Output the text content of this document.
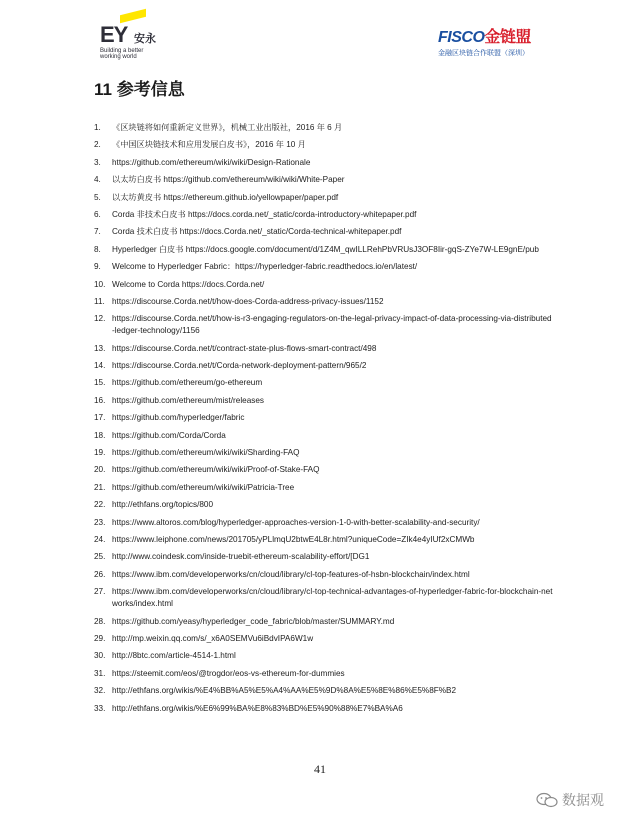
EY 安永
Building a better working world
FISCO金链盟
金融区块链合作联盟（深圳）
11 参考信息
1.	《区块链将如何重新定义世界》，机械工业出版社，2016 年 6 月
2.	《中国区块链技术和应用发展白皮书》，2016 年 10 月
3.	https://github.com/ethereum/wiki/wiki/Design-Rationale
4.	以太坊白皮书 https://github.com/ethereum/wiki/wiki/White-Paper
5.	以太坊黄皮书 https://ethereum.github.io/yellowpaper/paper.pdf
6.	Corda 非技术白皮书 https://docs.corda.net/_static/corda-introductory-whitepaper.pdf
7.	Corda 技术白皮书 https://docs.Corda.net/_static/Corda-technical-whitepaper.pdf
8.	Hyperledger 白皮书 https://docs.google.com/document/d/1Z4M_qwILLRehPbVRUsJ3OF8Iir-gqS-ZYe7W-LE9gnE/pub
9.	Welcome to Hyperledger Fabric：https://hyperledger-fabric.readthedocs.io/en/latest/
10. Welcome to Corda https://docs.Corda.net/
11. https://discourse.Corda.net/t/how-does-Corda-address-privacy-issues/1152
12. https://discourse.Corda.net/t/how-is-r3-engaging-regulators-on-the-legal-privacy-impact-of-data-processing-via-distributed-ledger-technology/1156
13. https://discourse.Corda.net/t/contract-state-plus-flows-smart-contract/498
14. https://discourse.Corda.net/t/Corda-network-deployment-pattern/965/2
15. https://github.com/ethereum/go-ethereum
16. https://github.com/ethereum/mist/releases
17. https://github.com/hyperledger/fabric
18. https://github.com/Corda/Corda
19. https://github.com/ethereum/wiki/wiki/Sharding-FAQ
20. https://github.com/ethereum/wiki/wiki/Proof-of-Stake-FAQ
21. https://github.com/ethereum/wiki/wiki/Patricia-Tree
22. http://ethfans.org/topics/800
23. https://www.altoros.com/blog/hyperledger-approaches-version-1-0-with-better-scalability-and-security/
24. https://www.leiphone.com/news/201705/yPLlmqU2btwE4L8r.html?uniqueCode=ZIk4e4yIUf2xCMWb
25. http://www.coindesk.com/inside-truebit-ethereum-scalability-effort/[DG1
26. https://www.ibm.com/developerworks/cn/cloud/library/cl-top-features-of-hsbn-blockchain/index.html
27. https://www.ibm.com/developerworks/cn/cloud/library/cl-top-technical-advantages-of-hyperledger-fabric-for-blockchain-networks/index.html
28. https://github.com/yeasy/hyperledger_code_fabric/blob/master/SUMMARY.md
29. http://mp.weixin.qq.com/s/_x6A0SEMVu6iBdvIPA6W1w
30. http://8btc.com/article-4514-1.html
31. https://steemit.com/eos/@trogdor/eos-vs-ethereum-for-dummies
32. http://ethfans.org/wikis/%E4%BB%A5%E5%A4%AA%E5%9D%8A%E5%8E%86%E5%8F%B2
33. http://ethfans.org/wikis/%E6%99%BA%E8%83%BD%E5%90%88%E7%BA%A6
41
数据观
